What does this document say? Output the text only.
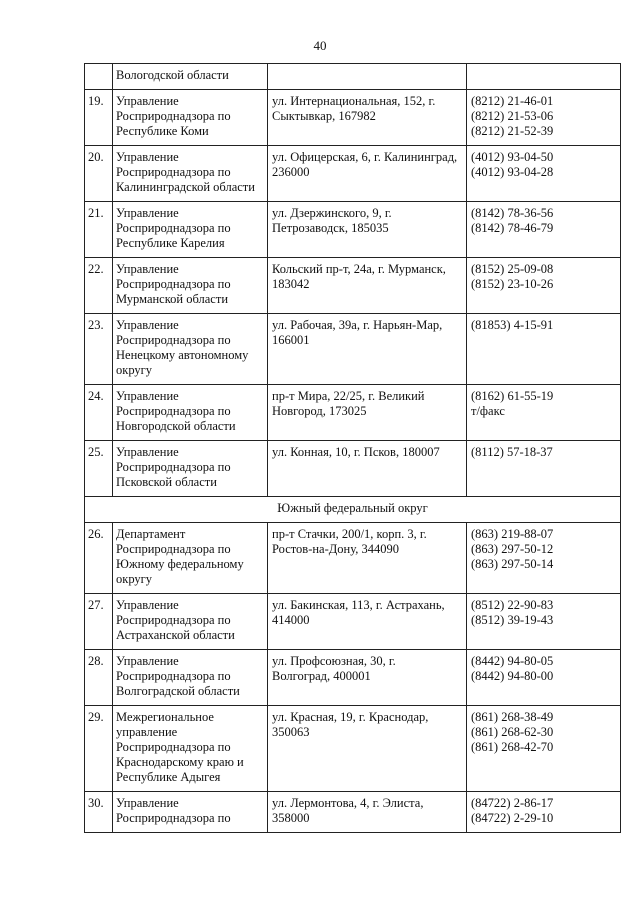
40

	Вологодской области		

19.	Управление
Росприроднадзора по
Республике Коми	ул. Интернациональная, 152, г.
Сыктывкар, 167982	(8212) 21-46-01
(8212) 21-53-06
(8212) 21-52-39

20.	Управление
Росприроднадзора по
Калининградской области	ул. Офицерская, 6, г. Калининград,
236000	(4012) 93-04-50
(4012) 93-04-28

21.	Управление
Росприроднадзора по
Республике Карелия	ул. Дзержинского, 9, г.
Петрозаводск, 185035	(8142) 78-36-56
(8142) 78-46-79

22.	Управление
Росприроднадзора по
Мурманской области	Кольский пр-т, 24а, г. Мурманск,
183042	(8152) 25-09-08
(8152) 23-10-26

23.	Управление
Росприроднадзора по
Ненецкому автономному
округу	ул. Рабочая, 39а, г. Нарьян-Мар,
166001	(81853) 4-15-91

24.	Управление
Росприроднадзора по
Новгородской области	пр-т Мира, 22/25, г. Великий
Новгород, 173025	(8162) 61-55-19
т/факс

25.	Управление
Росприроднадзора по
Псковской области	ул. Конная, 10, г. Псков, 180007	(8112) 57-18-37

Южный федеральный округ			
26.	Департамент
Росприроднадзора по
Южному федеральному
округу	пр-т Стачки, 200/1, корп. 3, г.
Ростов-на-Дону, 344090	(863) 219-88-07
(863) 297-50-12
(863) 297-50-14

27.	Управление
Росприроднадзора по
Астраханской области	ул. Бакинская, 113, г. Астрахань,
414000	(8512) 22-90-83
(8512) 39-19-43

28.	Управление
Росприроднадзора по
Волгоградской области	ул. Профсоюзная, 30, г.
Волгоград, 400001	(8442) 94-80-05
(8442) 94-80-00

29.	Межрегиональное
управление
Росприроднадзора по
Краснодарскому краю и
Республике Адыгея	ул. Красная, 19, г. Краснодар,
350063	(861) 268-38-49
(861) 268-62-30
(861) 268-42-70

30.	Управление
Росприроднадзора по	ул. Лермонтова, 4, г. Элиста,
358000	(84722) 2-86-17
(84722) 2-29-10
